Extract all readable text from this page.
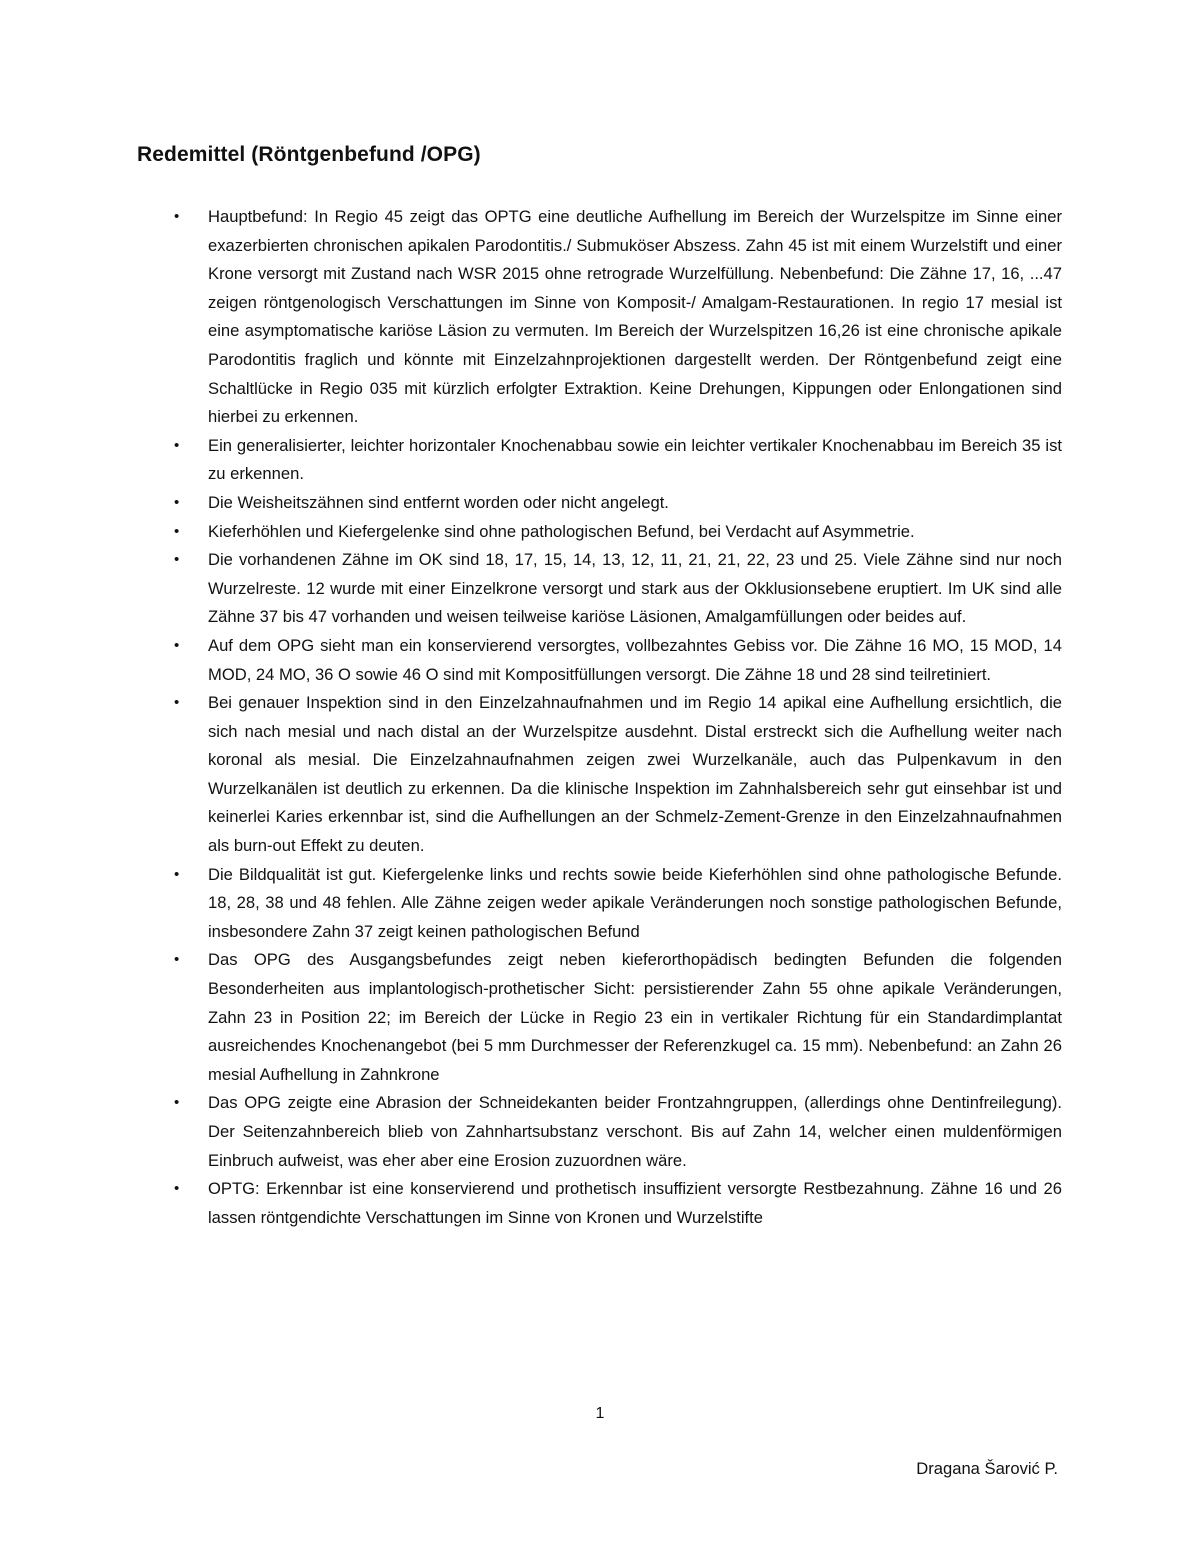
Redemittel (Röntgenbefund /OPG)
• Hauptbefund: In Regio 45 zeigt das OPTG eine deutliche Aufhellung im Bereich der Wurzelspitze im Sinne einer exazerbierten chronischen apikalen Parodontitis./ Submuköser Abszess. Zahn 45 ist mit einem Wurzelstift und einer Krone versorgt mit Zustand nach WSR 2015 ohne retrograde Wurzelfüllung. Nebenbefund: Die Zähne 17, 16, ...47 zeigen röntgenologisch Verschattungen im Sinne von Komposit-/ Amalgam-Restaurationen. In regio 17 mesial ist eine asymptomatische kariöse Läsion zu vermuten. Im Bereich der Wurzelspitzen 16,26 ist eine chronische apikale Parodontitis fraglich und könnte mit Einzelzahnprojektionen dargestellt werden. Der Röntgenbefund zeigt eine Schaltlücke in Regio 035 mit kürzlich erfolgter Extraktion. Keine Drehungen, Kippungen oder Enlongationen sind hierbei zu erkennen.
• Ein generalisierter, leichter horizontaler Knochenabbau sowie ein leichter vertikaler Knochenabbau im Bereich 35 ist zu erkennen.
• Die Weisheitszähnen sind entfernt worden oder nicht angelegt.
• Kieferhöhlen und Kiefergelenke sind ohne pathologischen Befund, bei Verdacht auf Asymmetrie.
• Die vorhandenen Zähne im OK sind 18, 17, 15, 14, 13, 12, 11, 21, 21, 22, 23 und 25. Viele Zähne sind nur noch Wurzelreste. 12 wurde mit einer Einzelkrone versorgt und stark aus der Okklusionsebene eruptiert. Im UK sind alle Zähne 37 bis 47 vorhanden und weisen teilweise kariöse Läsionen, Amalgamfüllungen oder beides auf.
• Auf dem OPG sieht man ein konservierend versorgtes, vollbezahntes Gebiss vor. Die Zähne 16 MO, 15 MOD, 14 MOD, 24 MO, 36 O sowie 46 O sind mit Kompositfüllungen versorgt. Die Zähne 18 und 28 sind teilretiniert.
• Bei genauer Inspektion sind in den Einzelzahnaufnahmen und im Regio 14 apikal eine Aufhellung ersichtlich, die sich nach mesial und nach distal an der Wurzelspitze ausdehnt. Distal erstreckt sich die Aufhellung weiter nach koronal als mesial. Die Einzelzahnaufnahmen zeigen zwei Wurzelkanäle, auch das Pulpenkavum in den Wurzelkanälen ist deutlich zu erkennen. Da die klinische Inspektion im Zahnhalsbereich sehr gut einsehbar ist und keinerlei Karies erkennbar ist, sind die Aufhellungen an der Schmelz-Zement-Grenze in den Einzelzahnaufnahmen als burn-out Effekt zu deuten.
• Die Bildqualität ist gut. Kiefergelenke links und rechts sowie beide Kieferhöhlen sind ohne pathologische Befunde. 18, 28, 38 und 48 fehlen. Alle Zähne zeigen weder apikale Veränderungen noch sonstige pathologischen Befunde, insbesondere Zahn 37 zeigt keinen pathologischen Befund
• Das OPG des Ausgangsbefundes zeigt neben kieferorthopädisch bedingten Befunden die folgenden Besonderheiten aus implantologisch-prothetischer Sicht: persistierender Zahn 55 ohne apikale Veränderungen, Zahn 23 in Position 22; im Bereich der Lücke in Regio 23 ein in vertikaler Richtung für ein Standardimplantat ausreichendes Knochenangebot (bei 5 mm Durchmesser der Referenzkugel ca. 15 mm). Nebenbefund: an Zahn 26 mesial Aufhellung in Zahnkrone
• Das OPG zeigte eine Abrasion der Schneidekanten beider Frontzahngruppen, (allerdings ohne Dentinfreilegung). Der Seitenzahnbereich blieb von Zahnhartsubstanz verschont. Bis auf Zahn 14, welcher einen muldenförmigen Einbruch aufweist, was eher aber eine Erosion zuzuordnen wäre.
• OPTG: Erkennbar ist eine konservierend und prothetisch insuffizient versorgte Restbezahnung. Zähne 16 und 26 lassen röntgendichte Verschattungen im Sinne von Kronen und Wurzelstifte
1
Dragana Šarović P.
